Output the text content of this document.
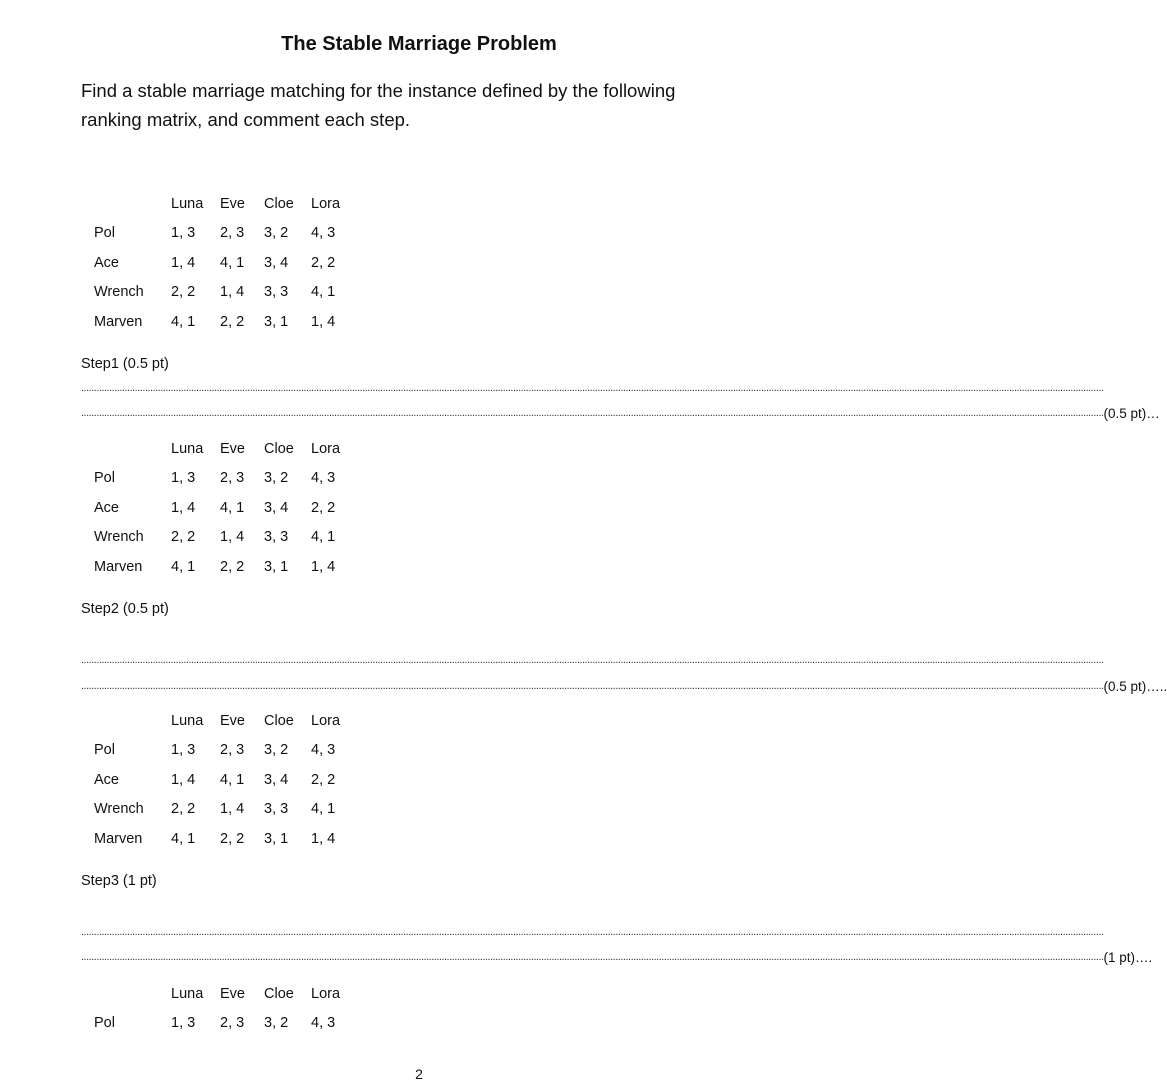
The Stable Marriage Problem

Find a stable marriage matching for the instance defined by the following ranking matrix, and comment each step.

	Luna	Eve	Cloe	Lora
Pol	1, 3	2, 3	3, 2	4, 3
Ace	1, 4	4, 1	3, 4	2, 2
Wrench	2, 2	1, 4	3, 3	4, 1
Marven	4, 1	2, 2	3, 1	1, 4

Step1 (0.5 pt)

................................................................................................................................................................................................................................................................................................................................................................................................................
................................................................................................................................................................................................................................................................................................................................................................................................................ (0.5 pt)…
	Luna	Eve	Cloe	Lora
Pol	1, 3	2, 3	3, 2	4, 3
Ace	1, 4	4, 1	3, 4	2, 2
Wrench	2, 2	1, 4	3, 3	4, 1
Marven	4, 1	2, 2	3, 1	1, 4

Step2 (0.5 pt)

................................................................................................................................................................................................................................................................................................................................................................................................................
................................................................................................................................................................................................................................................................................................................................................................................................................ (0.5 pt)…..
	Luna	Eve	Cloe	Lora
Pol	1, 3	2, 3	3, 2	4, 3
Ace	1, 4	4, 1	3, 4	2, 2
Wrench	2, 2	1, 4	3, 3	4, 1
Marven	4, 1	2, 2	3, 1	1, 4

Step3 (1 pt)

................................................................................................................................................................................................................................................................................................................................................................................................................
................................................................................................................................................................................................................................................................................................................................................................................................................ (1 pt)….
	Luna	Eve	Cloe	Lora
Pol	1, 3	2, 3	3, 2	4, 3
2
